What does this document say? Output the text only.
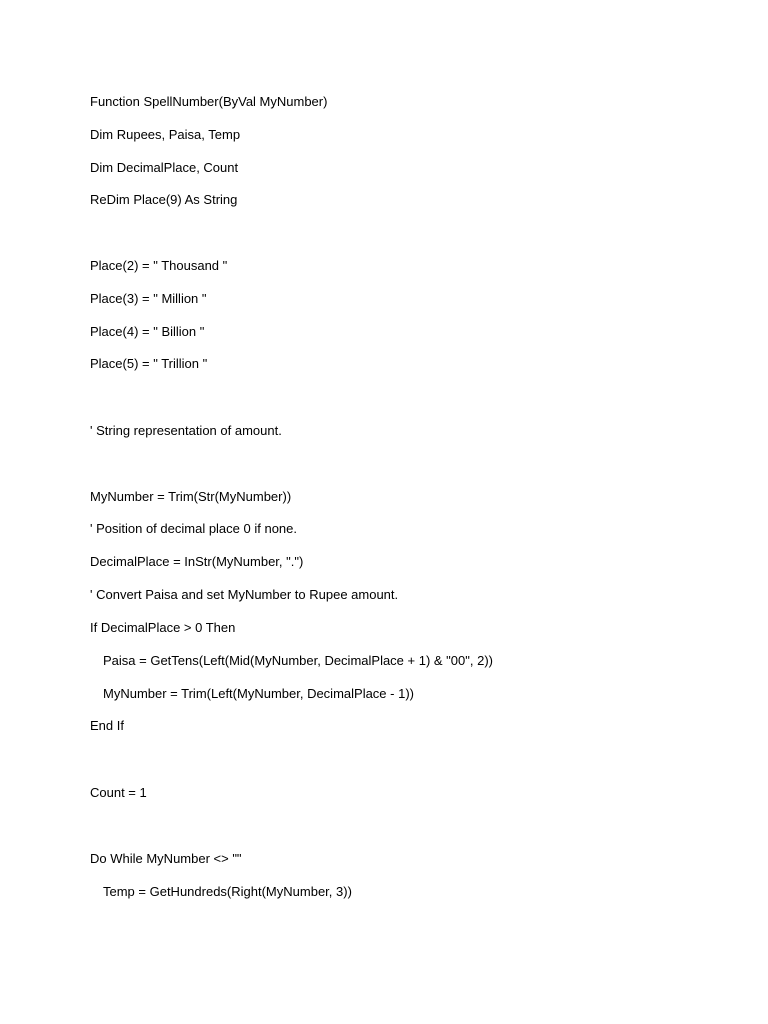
Function SpellNumber(ByVal MyNumber)

Dim Rupees, Paisa, Temp

Dim DecimalPlace, Count

ReDim Place(9) As String

Place(2) = " Thousand "

Place(3) = " Million "

Place(4) = " Billion "

Place(5) = " Trillion "

' String representation of amount.

MyNumber = Trim(Str(MyNumber))

' Position of decimal place 0 if none.

DecimalPlace = InStr(MyNumber, ".")

' Convert Paisa and set MyNumber to Rupee amount.

If DecimalPlace > 0 Then

Paisa = GetTens(Left(Mid(MyNumber, DecimalPlace + 1) & "00", 2))

MyNumber = Trim(Left(MyNumber, DecimalPlace - 1))

End If

Count = 1

Do While MyNumber <> ""

Temp = GetHundreds(Right(MyNumber, 3))
